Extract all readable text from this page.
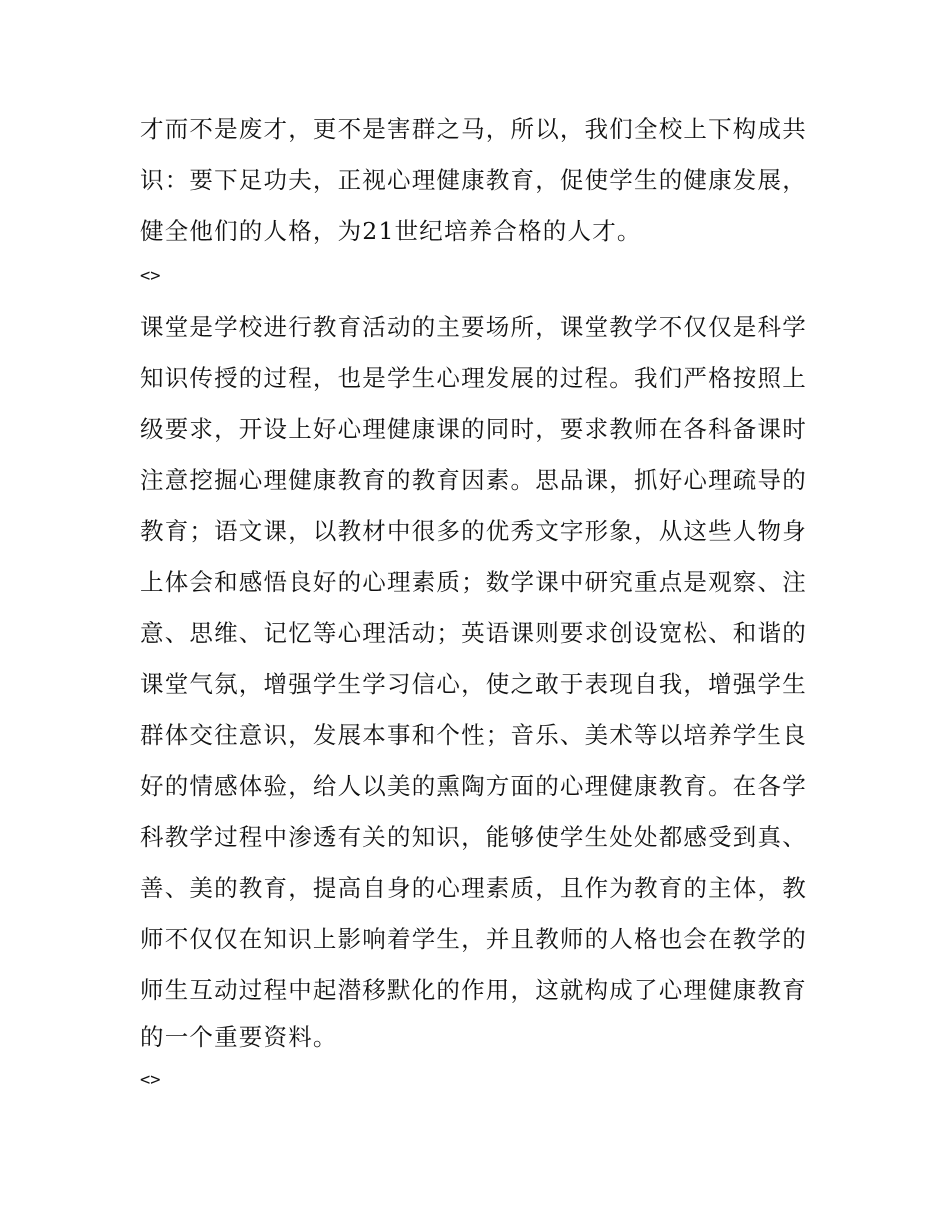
才而不是废才，更不是害群之马，所以，我们全校上下构成共

识：要下足功夫，正视心理健康教育，促使学生的健康发展，

健全他们的人格，为21世纪培养合格的人才。

<>

课堂是学校进行教育活动的主要场所，课堂教学不仅仅是科学

知识传授的过程，也是学生心理发展的过程。我们严格按照上

级要求，开设上好心理健康课的同时，要求教师在各科备课时

注意挖掘心理健康教育的教育因素。思品课，抓好心理疏导的

教育；语文课，以教材中很多的优秀文字形象，从这些人物身

上体会和感悟良好的心理素质；数学课中研究重点是观察、注

意、思维、记忆等心理活动；英语课则要求创设宽松、和谐的

课堂气氛，增强学生学习信心，使之敢于表现自我，增强学生

群体交往意识，发展本事和个性；音乐、美术等以培养学生良

好的情感体验，给人以美的熏陶方面的心理健康教育。在各学

科教学过程中渗透有关的知识，能够使学生处处都感受到真、

善、美的教育，提高自身的心理素质，且作为教育的主体，教

师不仅仅在知识上影响着学生，并且教师的人格也会在教学的

师生互动过程中起潜移默化的作用，这就构成了心理健康教育

的一个重要资料。

<>
